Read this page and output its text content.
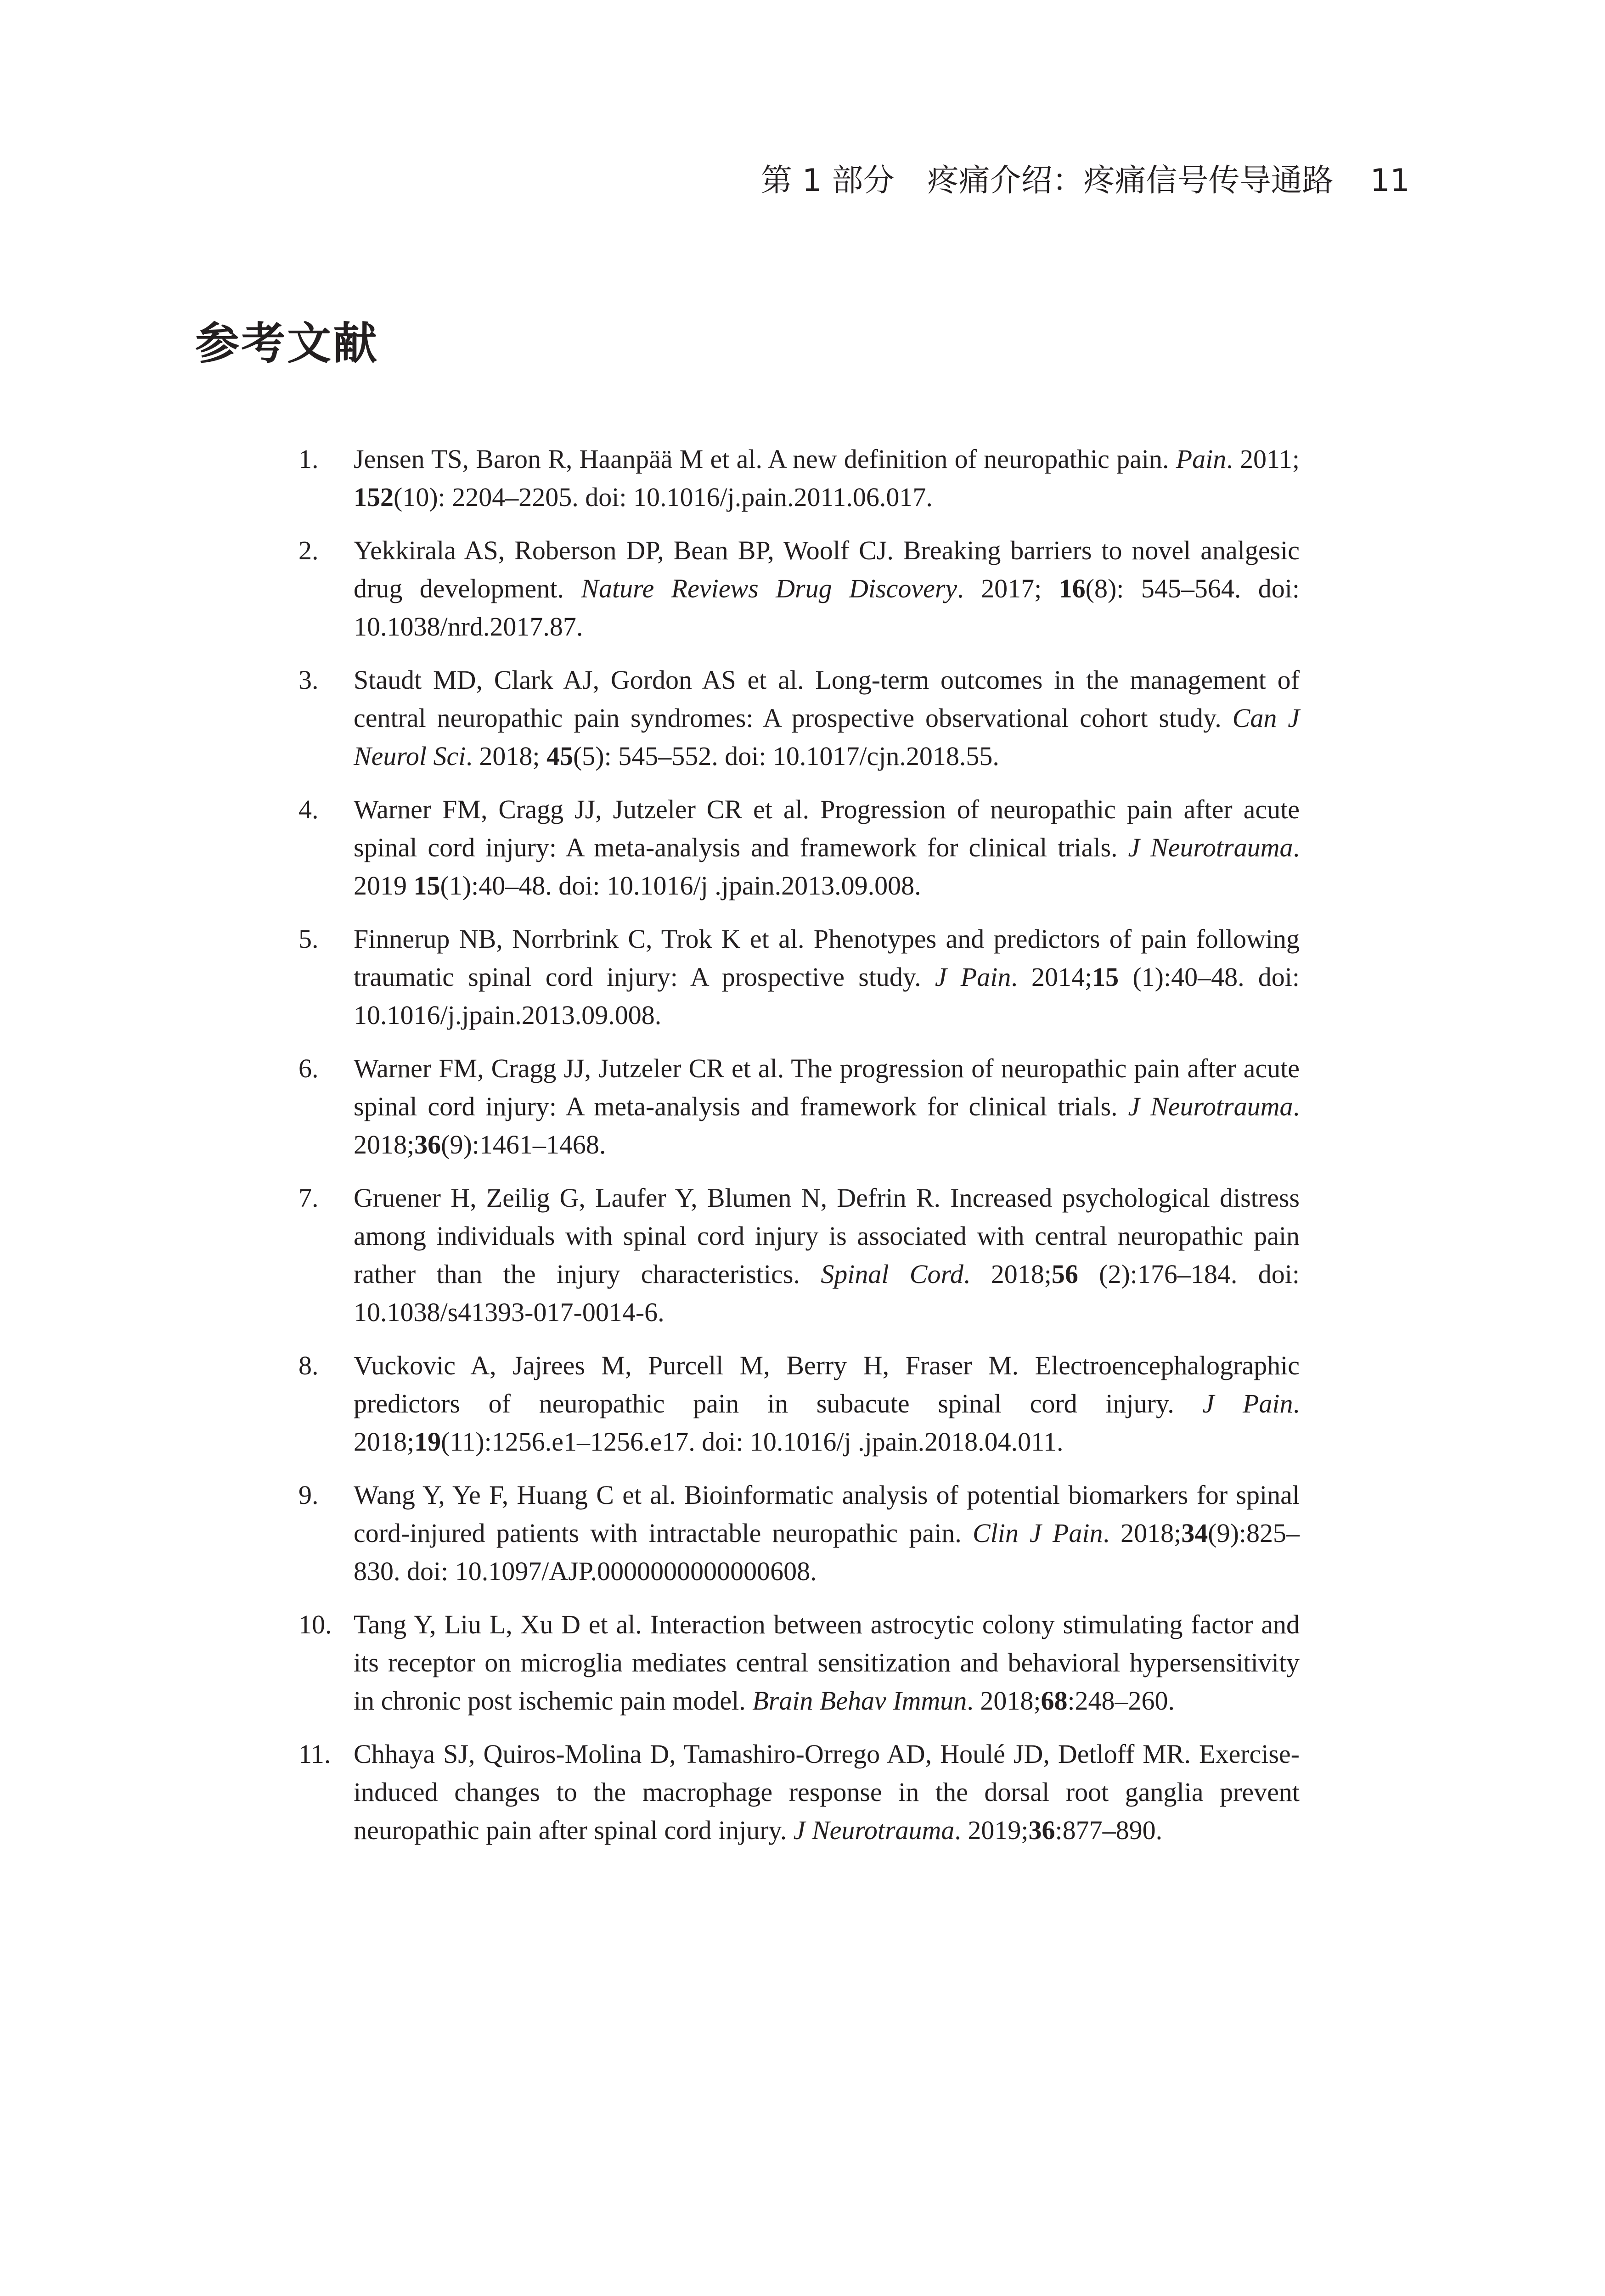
第 1 部分 疼痛介绍：疼痛信号传导通路 11
参考文献
1. Jensen TS, Baron R, Haanpää M et al. A new definition of neuropathic pain. Pain. 2011; 152(10): 2204–2205. doi: 10.1016/j.pain.2011.06.017.
2. Yekkirala AS, Roberson DP, Bean BP, Woolf CJ. Breaking barriers to novel analgesic drug development. Nature Reviews Drug Discovery. 2017; 16(8): 545–564. doi: 10.1038/nrd.2017.87.
3. Staudt MD, Clark AJ, Gordon AS et al. Long-term outcomes in the management of central neuropathic pain syndromes: A prospective observational cohort study. Can J Neurol Sci. 2018; 45(5): 545–552. doi: 10.1017/cjn.2018.55.
4. Warner FM, Cragg JJ, Jutzeler CR et al. Progression of neuropathic pain after acute spinal cord injury: A meta-analysis and framework for clinical trials. J Neurotrauma. 2019 15(1):40–48. doi: 10.1016/j .jpain.2013.09.008.
5. Finnerup NB, Norrbrink C, Trok K et al. Phenotypes and predictors of pain following traumatic spinal cord injury: A prospective study. J Pain. 2014;15 (1):40–48. doi: 10.1016/j.jpain.2013.09.008.
6. Warner FM, Cragg JJ, Jutzeler CR et al. The progression of neuropathic pain after acute spinal cord injury: A meta-analysis and framework for clinical trials. J Neurotrauma. 2018;36(9):1461–1468.
7. Gruener H, Zeilig G, Laufer Y, Blumen N, Defrin R. Increased psychological distress among individuals with spinal cord injury is associated with central neuropathic pain rather than the injury characteristics. Spinal Cord. 2018;56 (2):176–184. doi: 10.1038/s41393-017-0014-6.
8. Vuckovic A, Jajrees M, Purcell M, Berry H, Fraser M. Electroencephalographic predictors of neuropathic pain in subacute spinal cord injury. J Pain. 2018;19(11):1256.e1–1256.e17. doi: 10.1016/j .jpain.2018.04.011.
9. Wang Y, Ye F, Huang C et al. Bioinformatic analysis of potential biomarkers for spinal cord-injured patients with intractable neuropathic pain. Clin J Pain. 2018;34(9):825–830. doi: 10.1097/AJP.0000000000000608.
10. Tang Y, Liu L, Xu D et al. Interaction between astrocytic colony stimulating factor and its receptor on microglia mediates central sensitization and behavioral hypersensitivity in chronic post ischemic pain model. Brain Behav Immun. 2018;68:248–260.
11. Chhaya SJ, Quiros-Molina D, Tamashiro-Orrego AD, Houlé JD, Detloff MR. Exercise-induced changes to the macrophage response in the dorsal root ganglia prevent neuropathic pain after spinal cord injury. J Neurotrauma. 2019;36:877–890.
